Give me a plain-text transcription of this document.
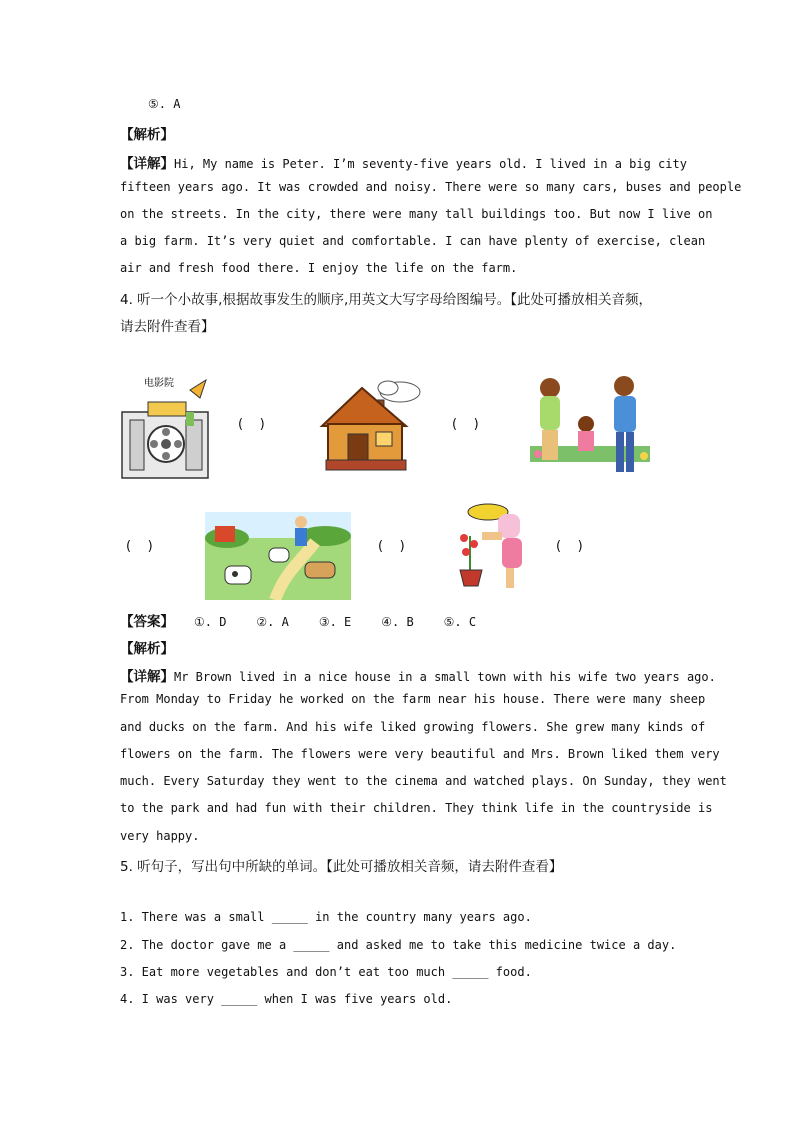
⑤. A
【解析】
【详解】Hi, My name is Peter. I’m seventy-five years old. I lived in a big city
fifteen years ago. It was crowded and noisy. There were so many cars, buses and people
on the streets. In the city, there were many tall buildings too. But now I live on
a big farm. It’s very quiet and comfortable. I can have plenty of exercise, clean
air and fresh food there. I enjoy the life on the farm.
4. 听一个小故事,根据故事发生的顺序,用英文大写字母给图编号。【此处可播放相关音频，
请去附件查看】
电影院
(    )	(    )
(    )	(    )	(    )
【答案】 ①. D ②. A ③. E ④. B ⑤. C
【解析】
【详解】Mr Brown lived in a nice house in a small town with his wife two years ago.
From Monday to Friday he worked on the farm near his house. There were many sheep
and ducks on the farm. And his wife liked growing flowers. She grew many kinds of
flowers on the farm. The flowers were very beautiful and Mrs. Brown liked them very
much. Every Saturday they went to the cinema and watched plays. On Sunday, they went
to the park and had fun with their children. They think life in the countryside is
very happy.
5. 听句子，写出句中所缺的单词。【此处可播放相关音频，请去附件查看】
1. There was a small _____ in the country many years ago.
2. The doctor gave me a _____ and asked me to take this medicine twice a day.
3. Eat more vegetables and don’t eat too much _____ food.
4. I was very _____ when I was five years old.
